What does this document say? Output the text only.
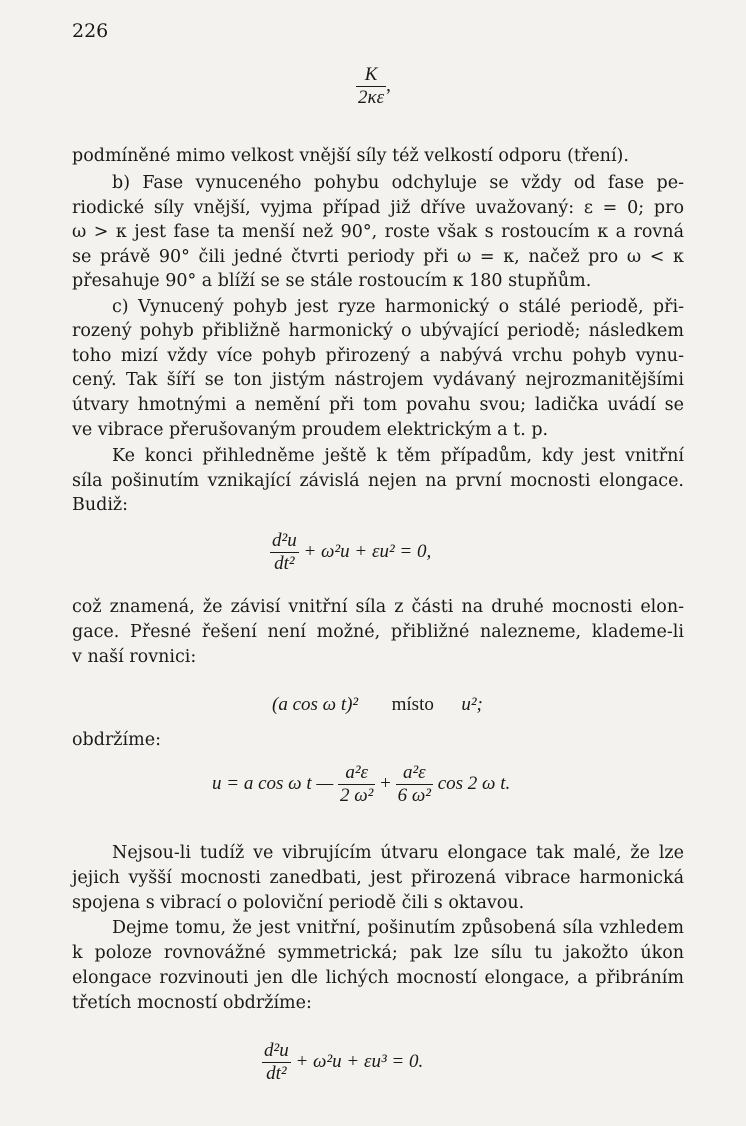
226
$\frac{K}{2\kappa\varepsilon}$ ,
podmíněné mimo velkost vnější síly též velkostí odporu (tření).
b) Fase vynuceného pohybu odchyluje se vždy od fase pe-
riodické síly vnější, vyjma případ již dříve uvažovaný: ε = 0; pro
ω > κ jest fase ta menší než 90°, roste však s rostoucím κ a rovná
se právě 90° čili jedné čtvrti periody při ω = κ, načež pro ω < κ
přesahuje 90° a blíží se se stále rostoucím κ 180 stupňům.
c) Vynucený pohyb jest ryze harmonický o stálé periodě, při-
rozený pohyb přibližně harmonický o ubývající periodě; následkem
toho mizí vždy více pohyb přirozený a nabývá vrchu pohyb vynu-
cený. Tak šíří se ton jistým nástrojem vydávaný nejrozmanitějšími
útvary hmotnými a nemění při tom povahu svou; ladička uvádí se
ve vibrace přerušovaným proudem elektrickým a t. p.
Ke konci přihledněme ještě k těm případům, kdy jest vnitřní
síla pošinutím vznikající závislá nejen na první mocnosti elongace.
Budiž:
$\frac{\text{d²u}}{\text{dt²}} + \omega^2u + \varepsilon u^2 = 0$,
což znamená, že závisí vnitřní síla z části na druhé mocnosti elon-
gace. Přesné řešení není možné, přibližné nalezneme, klademe-li
v naší rovnici:
(a cos ω t)² místo u²;
obdržíme:
u = a cos ω t — $\frac{\text{a²ε}}{\text{2 ω²}} + \frac{\text{a²ε}}{\text{6 ω²}}$ cos 2 ω t.
Nejsou-li tudíž ve vibrujícím útvaru elongace tak malé, že lze
jejich vyšší mocnosti zanedbati, jest přirozená vibrace harmonická
spojena s vibrací o poloviční periodě čili s oktavou.
Dejme tomu, že jest vnitřní, pošinutím způsobená síla vzhledem
k poloze rovnovážné symmetrická; pak lze sílu tu jakožto úkon
elongace rozvinouti jen dle lichých mocností elongace, a přibráním
třetích mocností obdržíme:
$\frac{\text{d²u}}{\text{dt²}} + \omega^2u + \varepsilon u^3 = 0$.
